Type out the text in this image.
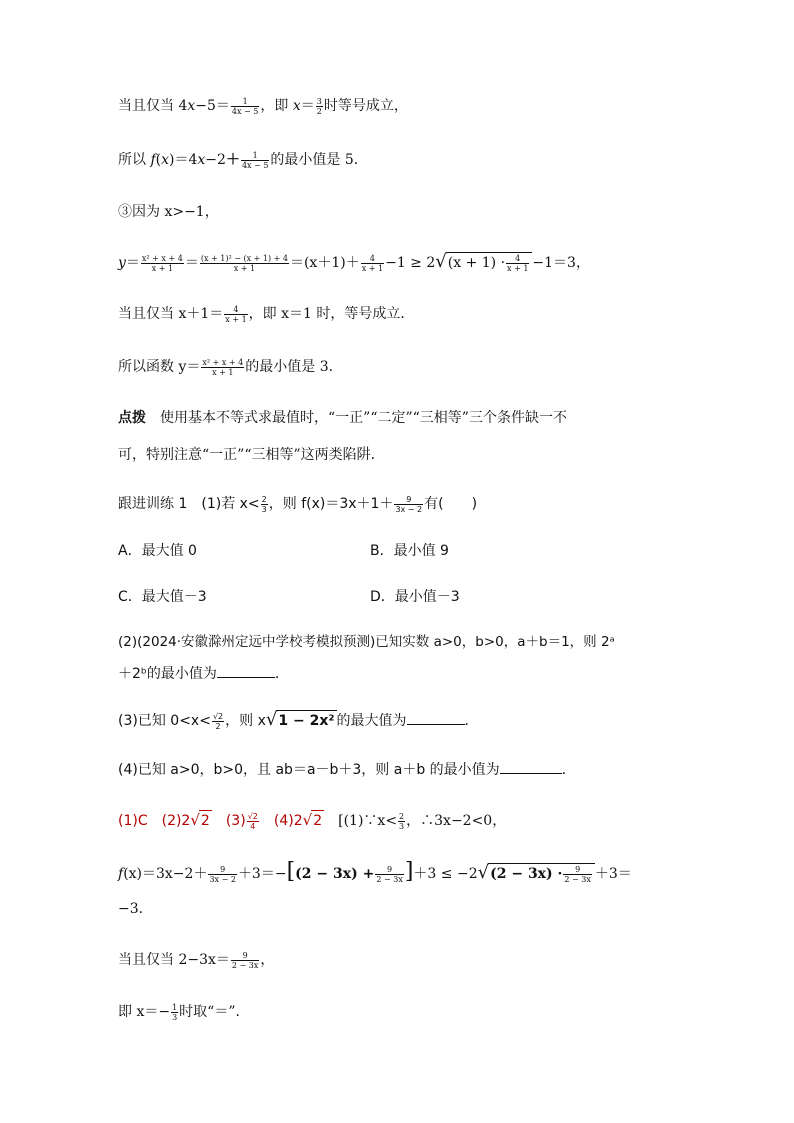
当且仅当 $4x-5= \frac{1}{4x - 5}$ ，即 $x= \frac{3}{2}$ 时等号成立，
所以 $f(x)=4x-2+ \frac{1}{4x - 5}$ 的最小值是 5．
③因为 x>−1，
$y= \frac{\text{x² + x + 4}}{x + 1} = \frac{\text{(x + 1)² − (x + 1) + 4}}{x + 1} =(x+1)+ \frac{4}{x + 1} -1 \ge 2√(x + 1) \cdot \frac{4}{x + 1} -1=3$，
当且仅当 $x+1= \frac{4}{x + 1}$ ，即 x＝1 时，等号成立．
所以函数 $y= \frac{\text{x² + x + 4}}{x + 1}$ 的最小值是 3．
点拨　 使用基本不等式求最值时，“一正”“二定”“三相等”三个条件缺一不
可，特别注意“一正”“三相等”这两类陷阱．
跟进训练 1　(1)若 $x< \frac{2}{3}$ ，则 $f(x)=3x+1+ \frac{9}{3x - 2}$ 有(　　)
A．最大值 0	B．最小值 9
C．最大值－3	D．最小值－3
(2)(2024·安徽滁州定远中学校考模拟预测)已知实数 a>0，b>0，a＋b＝1，则 2ᵃ
＋2ᵇ的最小值为	．
(3)已知 $0<x< \frac{√2}{2}$ ，则 x√1 − 2x² 的最大值为	．
(4)已知 a>0，b>0，且 ab＝a－b＋3，则 a＋b 的最小值为	．
(1)C　(2)2√2　$(3) \frac{√2}{4}$ 　(4)2√2　[(1)∵x< $\frac{2}{3}$ ，∴3x−2<0，
$f(x)=3x-2+ \frac{9}{3x - 2} +3=-[(2 - 3x) + \frac{9}{2 - 3x} ]+3 \le -2√(2 - 3x) \cdot \frac{9}{2 - 3x} +3=$
−3.
当且仅当 $2-3x= \frac{9}{2 - 3x}$ ，
即 $x=- \frac{1}{3}$ 时取“＝”.
